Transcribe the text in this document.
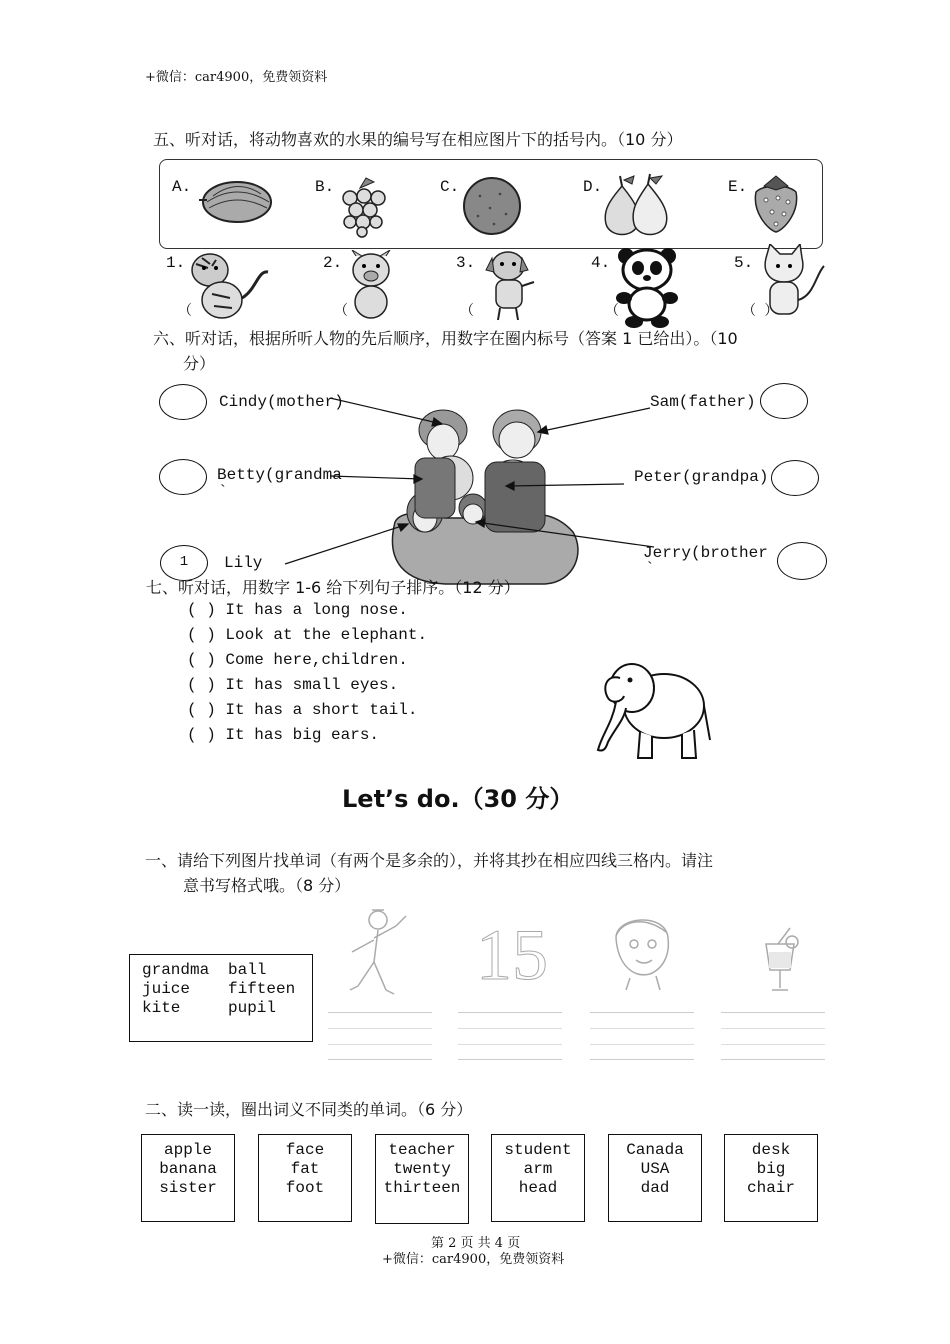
+微信：car4900，免费领资料
五、听对话，将动物喜欢的水果的编号写在相应图片下的括号内。（10 分）
A.	B.	C.	D.	E.
1.
（
2.
（
3.
（
4.
（
5.
（ ）
六、听对话，根据所听人物的先后顺序，用数字在圈内标号（答案 1 已给出）。（10
分）
Cindy(mother)	Sam(father)
Betty(grandma
`
Peter(grandpa)
1	Lily
Jerry(brother
`
七、听对话，用数字 1-6 给下列句子排序。（12 分）
( ) It has a long nose.
( ) Look at the elephant.
( ) Come here,children.
( ) It has small eyes.
( ) It has a short tail.
( ) It has big ears.
Let’s do.（30 分）
一、请给下列图片找单词（有两个是多余的），并将其抄在相应四线三格内。请注
意书写格式哦。（8 分）
grandma ball
juice fifteen
kite	pupil
15
二、读一读，圈出词义不同类的单词。（6 分）
apple
banana
sister
face
fat
foot
teacher
twenty
thirteen
student
arm
head
Canada
USA
dad
desk
big
chair
第 2 页 共 4 页
+微信：car4900，免费领资料
